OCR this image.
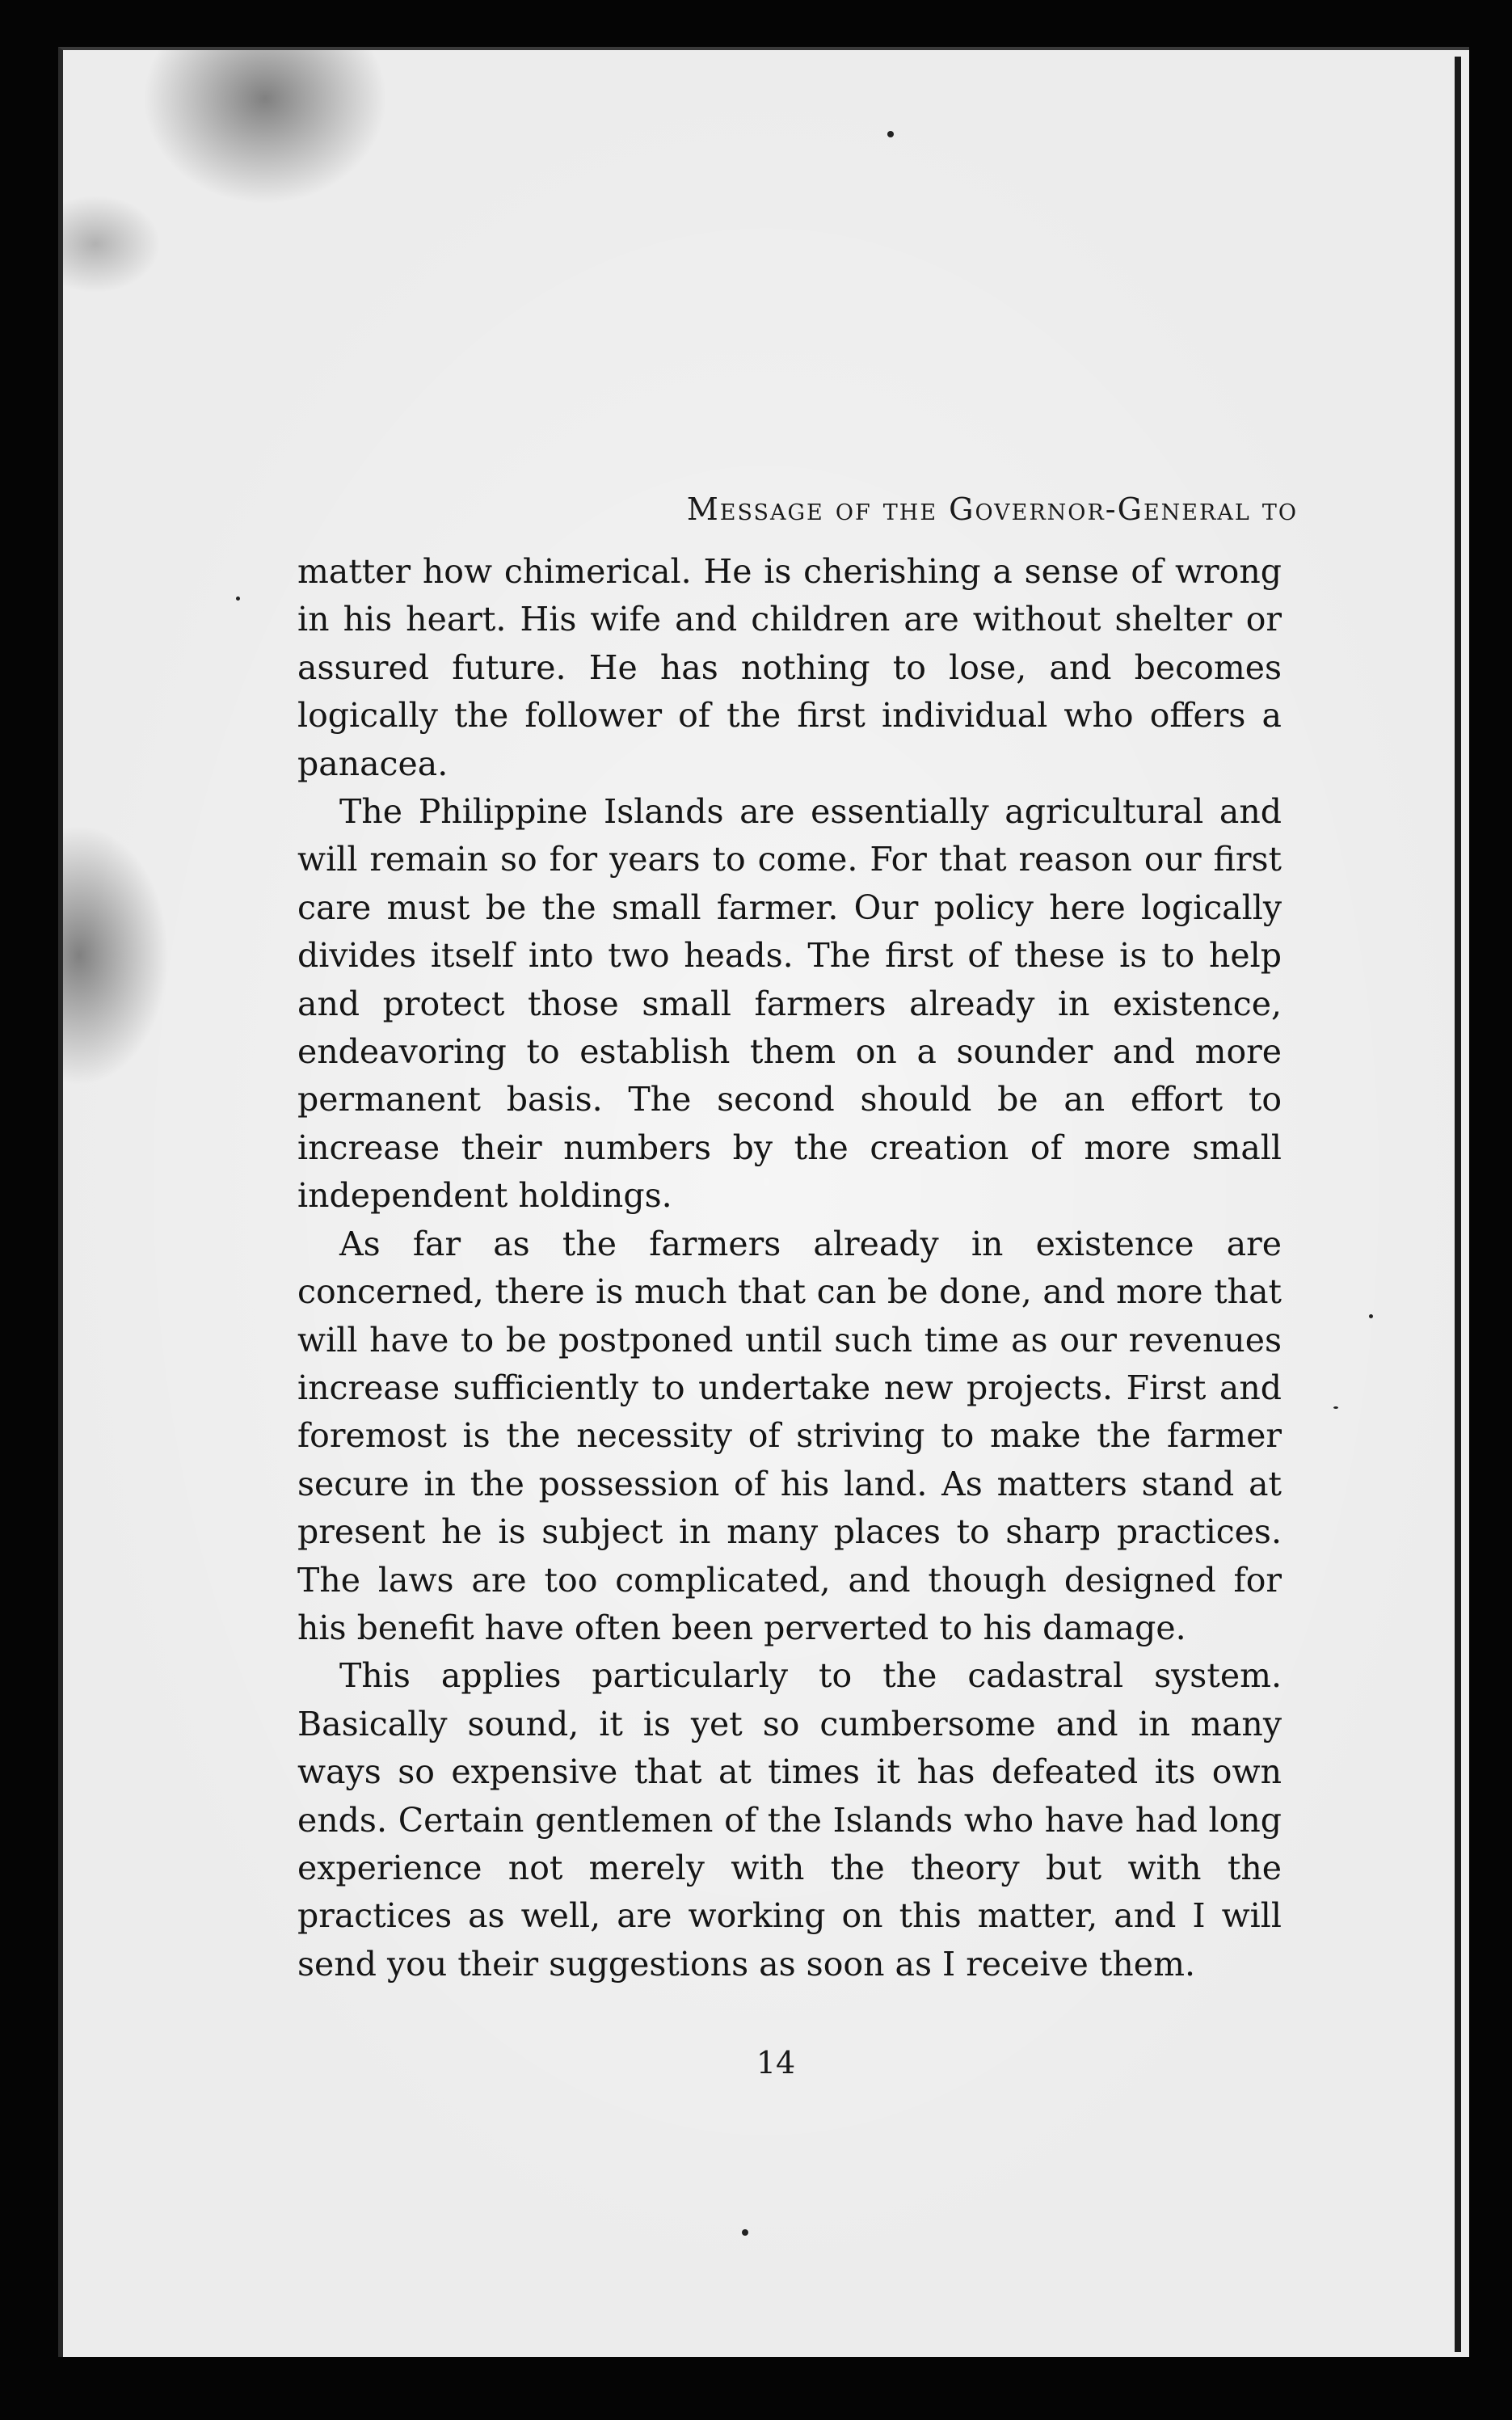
Message of the Governor-General to

matter how chimerical. He is cherishing a sense of wrong in his heart. His wife and children are without shelter or assured future. He has nothing to lose, and becomes logically the follower of the first individual who offers a panacea.

The Philippine Islands are essentially agricultural and will remain so for years to come. For that reason our first care must be the small farmer. Our policy here logically divides itself into two heads. The first of these is to help and protect those small farmers already in existence, endeavoring to establish them on a sounder and more permanent basis. The second should be an effort to increase their numbers by the creation of more small independent holdings.

As far as the farmers already in existence are concerned, there is much that can be done, and more that will have to be postponed until such time as our revenues increase sufficiently to undertake new projects. First and foremost is the necessity of striving to make the farmer secure in the possession of his land. As matters stand at present he is subject in many places to sharp practices. The laws are too complicated, and though designed for his benefit have often been perverted to his damage.

This applies particularly to the cadastral system. Basically sound, it is yet so cumbersome and in many ways so expensive that at times it has defeated its own ends. Certain gentlemen of the Islands who have had long experience not merely with the theory but with the practices as well, are working on this matter, and I will send you their suggestions as soon as I receive them.

14
